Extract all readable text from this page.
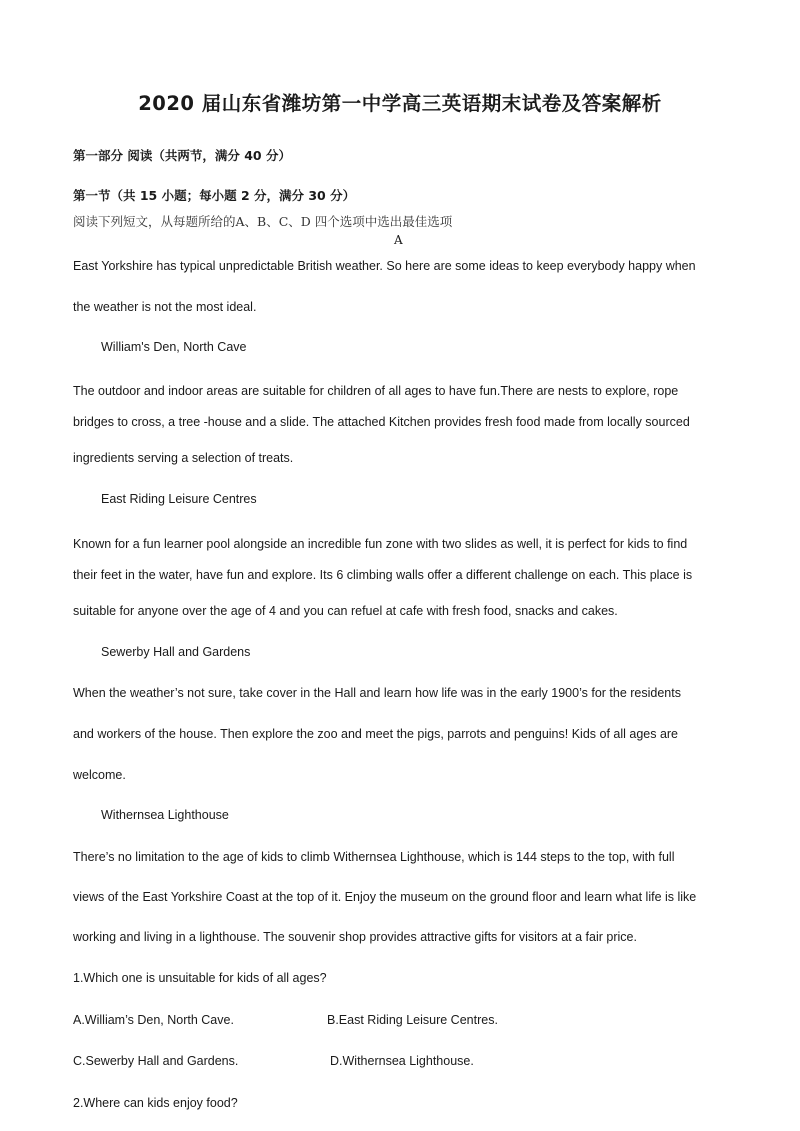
2020 届山东省潍坊第一中学高三英语期末试卷及答案解析
第一部分 阅读（共两节，满分 40 分）
第一节（共 15 小题；每小题 2 分，满分 30 分）
阅读下列短文，从每题所给的A、B、C、D 四个选项中选出最佳选项
A
East Yorkshire has typical unpredictable British weather. So here are some ideas to keep everybody happy when
the weather is not the most ideal.
William's Den, North Cave
The outdoor and indoor areas are suitable for children of all ages to have fun.There are nests to explore, rope
bridges to cross, a tree -house and a slide. The attached Kitchen provides fresh food made from locally sourced
ingredients serving a selection of treats.
East Riding Leisure Centres
Known for a fun learner pool alongside an incredible fun zone with two slides as well, it is perfect for kids to find
their feet in the water, have fun and explore. Its 6 climbing walls offer a different challenge on each. This place is
suitable for anyone over the age of 4 and you can refuel at cafe with fresh food, snacks and cakes.
Sewerby Hall and Gardens
When the weather’s not sure, take cover in the Hall and learn how life was in the early 1900’s for the residents
and workers of the house. Then explore the zoo and meet the pigs, parrots and penguins! Kids of all ages are
welcome.
Withernsea Lighthouse
There’s no limitation to the age of kids to climb Withernsea Lighthouse, which is 144 steps to the top, with full
views of the East Yorkshire Coast at the top of it. Enjoy the museum on the ground floor and learn what life is like
working and living in a lighthouse. The souvenir shop provides attractive gifts for visitors at a fair price.
1.Which one is unsuitable for kids of all ages?
A.William’s Den, North Cave.	B.East Riding Leisure Centres.
C.Sewerby Hall and Gardens.	D.Withernsea Lighthouse.
2.Where can kids enjoy food?
